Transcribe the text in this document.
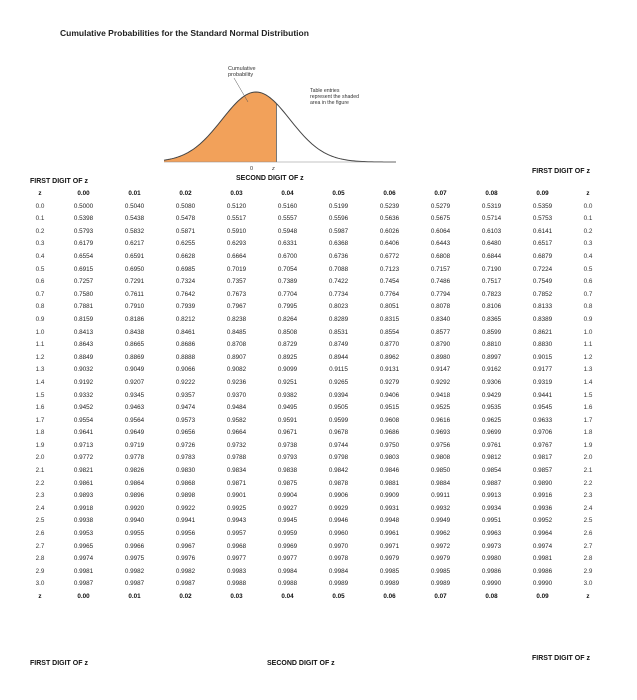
Cumulative Probabilities for the Standard Normal Distribution
Cumulative
probability
Table entries
represent the shaded
area in the figure
z
0
FIRST DIGIT OF z
FIRST DIGIT OF z
SECOND DIGIT OF z
z	0.00	0.01	0.02	0.03	0.04	0.05	0.06	0.07	0.08	0.09	z
0.0	0.5000	0.5040	0.5080	0.5120	0.5160	0.5199	0.5239	0.5279	0.5319	0.5359	0.0
0.1	0.5398	0.5438	0.5478	0.5517	0.5557	0.5596	0.5636	0.5675	0.5714	0.5753	0.1
0.2	0.5793	0.5832	0.5871	0.5910	0.5948	0.5987	0.6026	0.6064	0.6103	0.6141	0.2
0.3	0.6179	0.6217	0.6255	0.6293	0.6331	0.6368	0.6406	0.6443	0.6480	0.6517	0.3
0.4	0.6554	0.6591	0.6628	0.6664	0.6700	0.6736	0.6772	0.6808	0.6844	0.6879	0.4
0.5	0.6915	0.6950	0.6985	0.7019	0.7054	0.7088	0.7123	0.7157	0.7190	0.7224	0.5
0.6	0.7257	0.7291	0.7324	0.7357	0.7389	0.7422	0.7454	0.7486	0.7517	0.7549	0.6
0.7	0.7580	0.7611	0.7642	0.7673	0.7704	0.7734	0.7764	0.7794	0.7823	0.7852	0.7
0.8	0.7881	0.7910	0.7939	0.7967	0.7995	0.8023	0.8051	0.8078	0.8106	0.8133	0.8
0.9	0.8159	0.8186	0.8212	0.8238	0.8264	0.8289	0.8315	0.8340	0.8365	0.8389	0.9
1.0	0.8413	0.8438	0.8461	0.8485	0.8508	0.8531	0.8554	0.8577	0.8599	0.8621	1.0
1.1	0.8643	0.8665	0.8686	0.8708	0.8729	0.8749	0.8770	0.8790	0.8810	0.8830	1.1
1.2	0.8849	0.8869	0.8888	0.8907	0.8925	0.8944	0.8962	0.8980	0.8997	0.9015	1.2
1.3	0.9032	0.9049	0.9066	0.9082	0.9099	0.9115	0.9131	0.9147	0.9162	0.9177	1.3
1.4	0.9192	0.9207	0.9222	0.9236	0.9251	0.9265	0.9279	0.9292	0.9306	0.9319	1.4
1.5	0.9332	0.9345	0.9357	0.9370	0.9382	0.9394	0.9406	0.9418	0.9429	0.9441	1.5
1.6	0.9452	0.9463	0.9474	0.9484	0.9495	0.9505	0.9515	0.9525	0.9535	0.9545	1.6
1.7	0.9554	0.9564	0.9573	0.9582	0.9591	0.9599	0.9608	0.9616	0.9625	0.9633	1.7
1.8	0.9641	0.9649	0.9656	0.9664	0.9671	0.9678	0.9686	0.9693	0.9699	0.9706	1.8
1.9	0.9713	0.9719	0.9726	0.9732	0.9738	0.9744	0.9750	0.9756	0.9761	0.9767	1.9
2.0	0.9772	0.9778	0.9783	0.9788	0.9793	0.9798	0.9803	0.9808	0.9812	0.9817	2.0
2.1	0.9821	0.9826	0.9830	0.9834	0.9838	0.9842	0.9846	0.9850	0.9854	0.9857	2.1
2.2	0.9861	0.9864	0.9868	0.9871	0.9875	0.9878	0.9881	0.9884	0.9887	0.9890	2.2
2.3	0.9893	0.9896	0.9898	0.9901	0.9904	0.9906	0.9909	0.9911	0.9913	0.9916	2.3
2.4	0.9918	0.9920	0.9922	0.9925	0.9927	0.9929	0.9931	0.9932	0.9934	0.9936	2.4
2.5	0.9938	0.9940	0.9941	0.9943	0.9945	0.9946	0.9948	0.9949	0.9951	0.9952	2.5
2.6	0.9953	0.9955	0.9956	0.9957	0.9959	0.9960	0.9961	0.9962	0.9963	0.9964	2.6
2.7	0.9965	0.9966	0.9967	0.9968	0.9969	0.9970	0.9971	0.9972	0.9973	0.9974	2.7
2.8	0.9974	0.9975	0.9976	0.9977	0.9977	0.9978	0.9979	0.9979	0.9980	0.9981	2.8
2.9	0.9981	0.9982	0.9982	0.9983	0.9984	0.9984	0.9985	0.9985	0.9986	0.9986	2.9
3.0	0.9987	0.9987	0.9987	0.9988	0.9988	0.9989	0.9989	0.9989	0.9990	0.9990	3.0
z	0.00	0.01	0.02	0.03	0.04	0.05	0.06	0.07	0.08	0.09	z
FIRST DIGIT OF z
FIRST DIGIT OF z
SECOND DIGIT OF z
